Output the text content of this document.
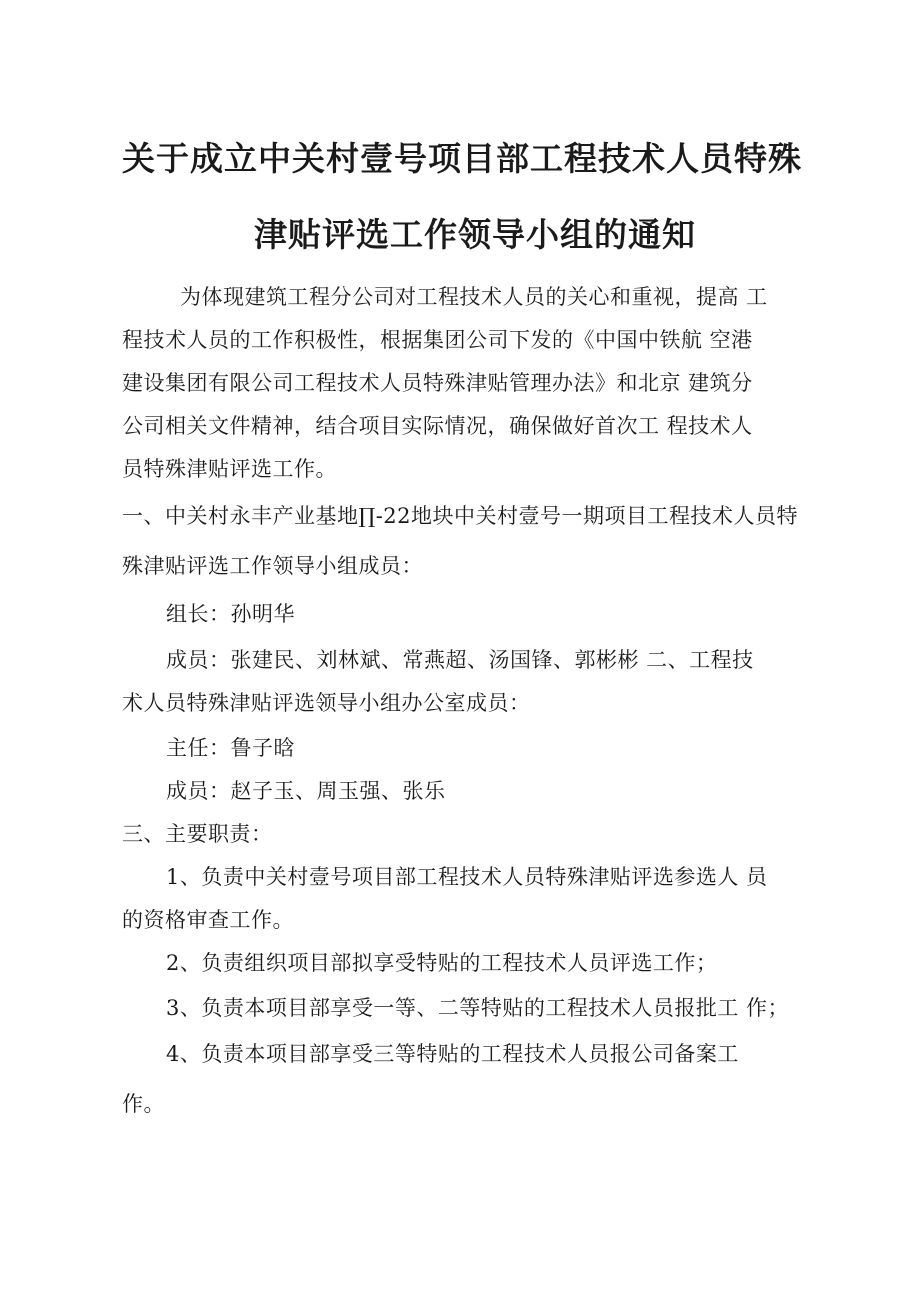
关于成立中关村壹号项目部工程技术人员特殊
津贴评选工作领导小组的通知
为体现建筑工程分公司对工程技术人员的关心和重视，提高 工
程技术人员的工作积极性，根据集团公司下发的《中国中铁航 空港
建设集团有限公司工程技术人员特殊津贴管理办法》和北京 建筑分
公司相关文件精神，结合项目实际情况，确保做好首次工 程技术人
员特殊津贴评选工作。
一、中关村永丰产业基地∏-22地块中关村壹号一期项目工程技术人员特
殊津贴评选工作领导小组成员：
组长：孙明华
成员：张建民、刘林斌、常燕超、汤国锋、郭彬彬 二、工程技
术人员特殊津贴评选领导小组办公室成员：
主任：鲁子晗
成员：赵子玉、周玉强、张乐
三、主要职责：
1、负责中关村壹号项目部工程技术人员特殊津贴评选参选人 员
的资格审查工作。
2、负责组织项目部拟享受特贴的工程技术人员评选工作；
3、负责本项目部享受一等、二等特贴的工程技术人员报批工 作；
4、负责本项目部享受三等特贴的工程技术人员报公司备案工
作。
